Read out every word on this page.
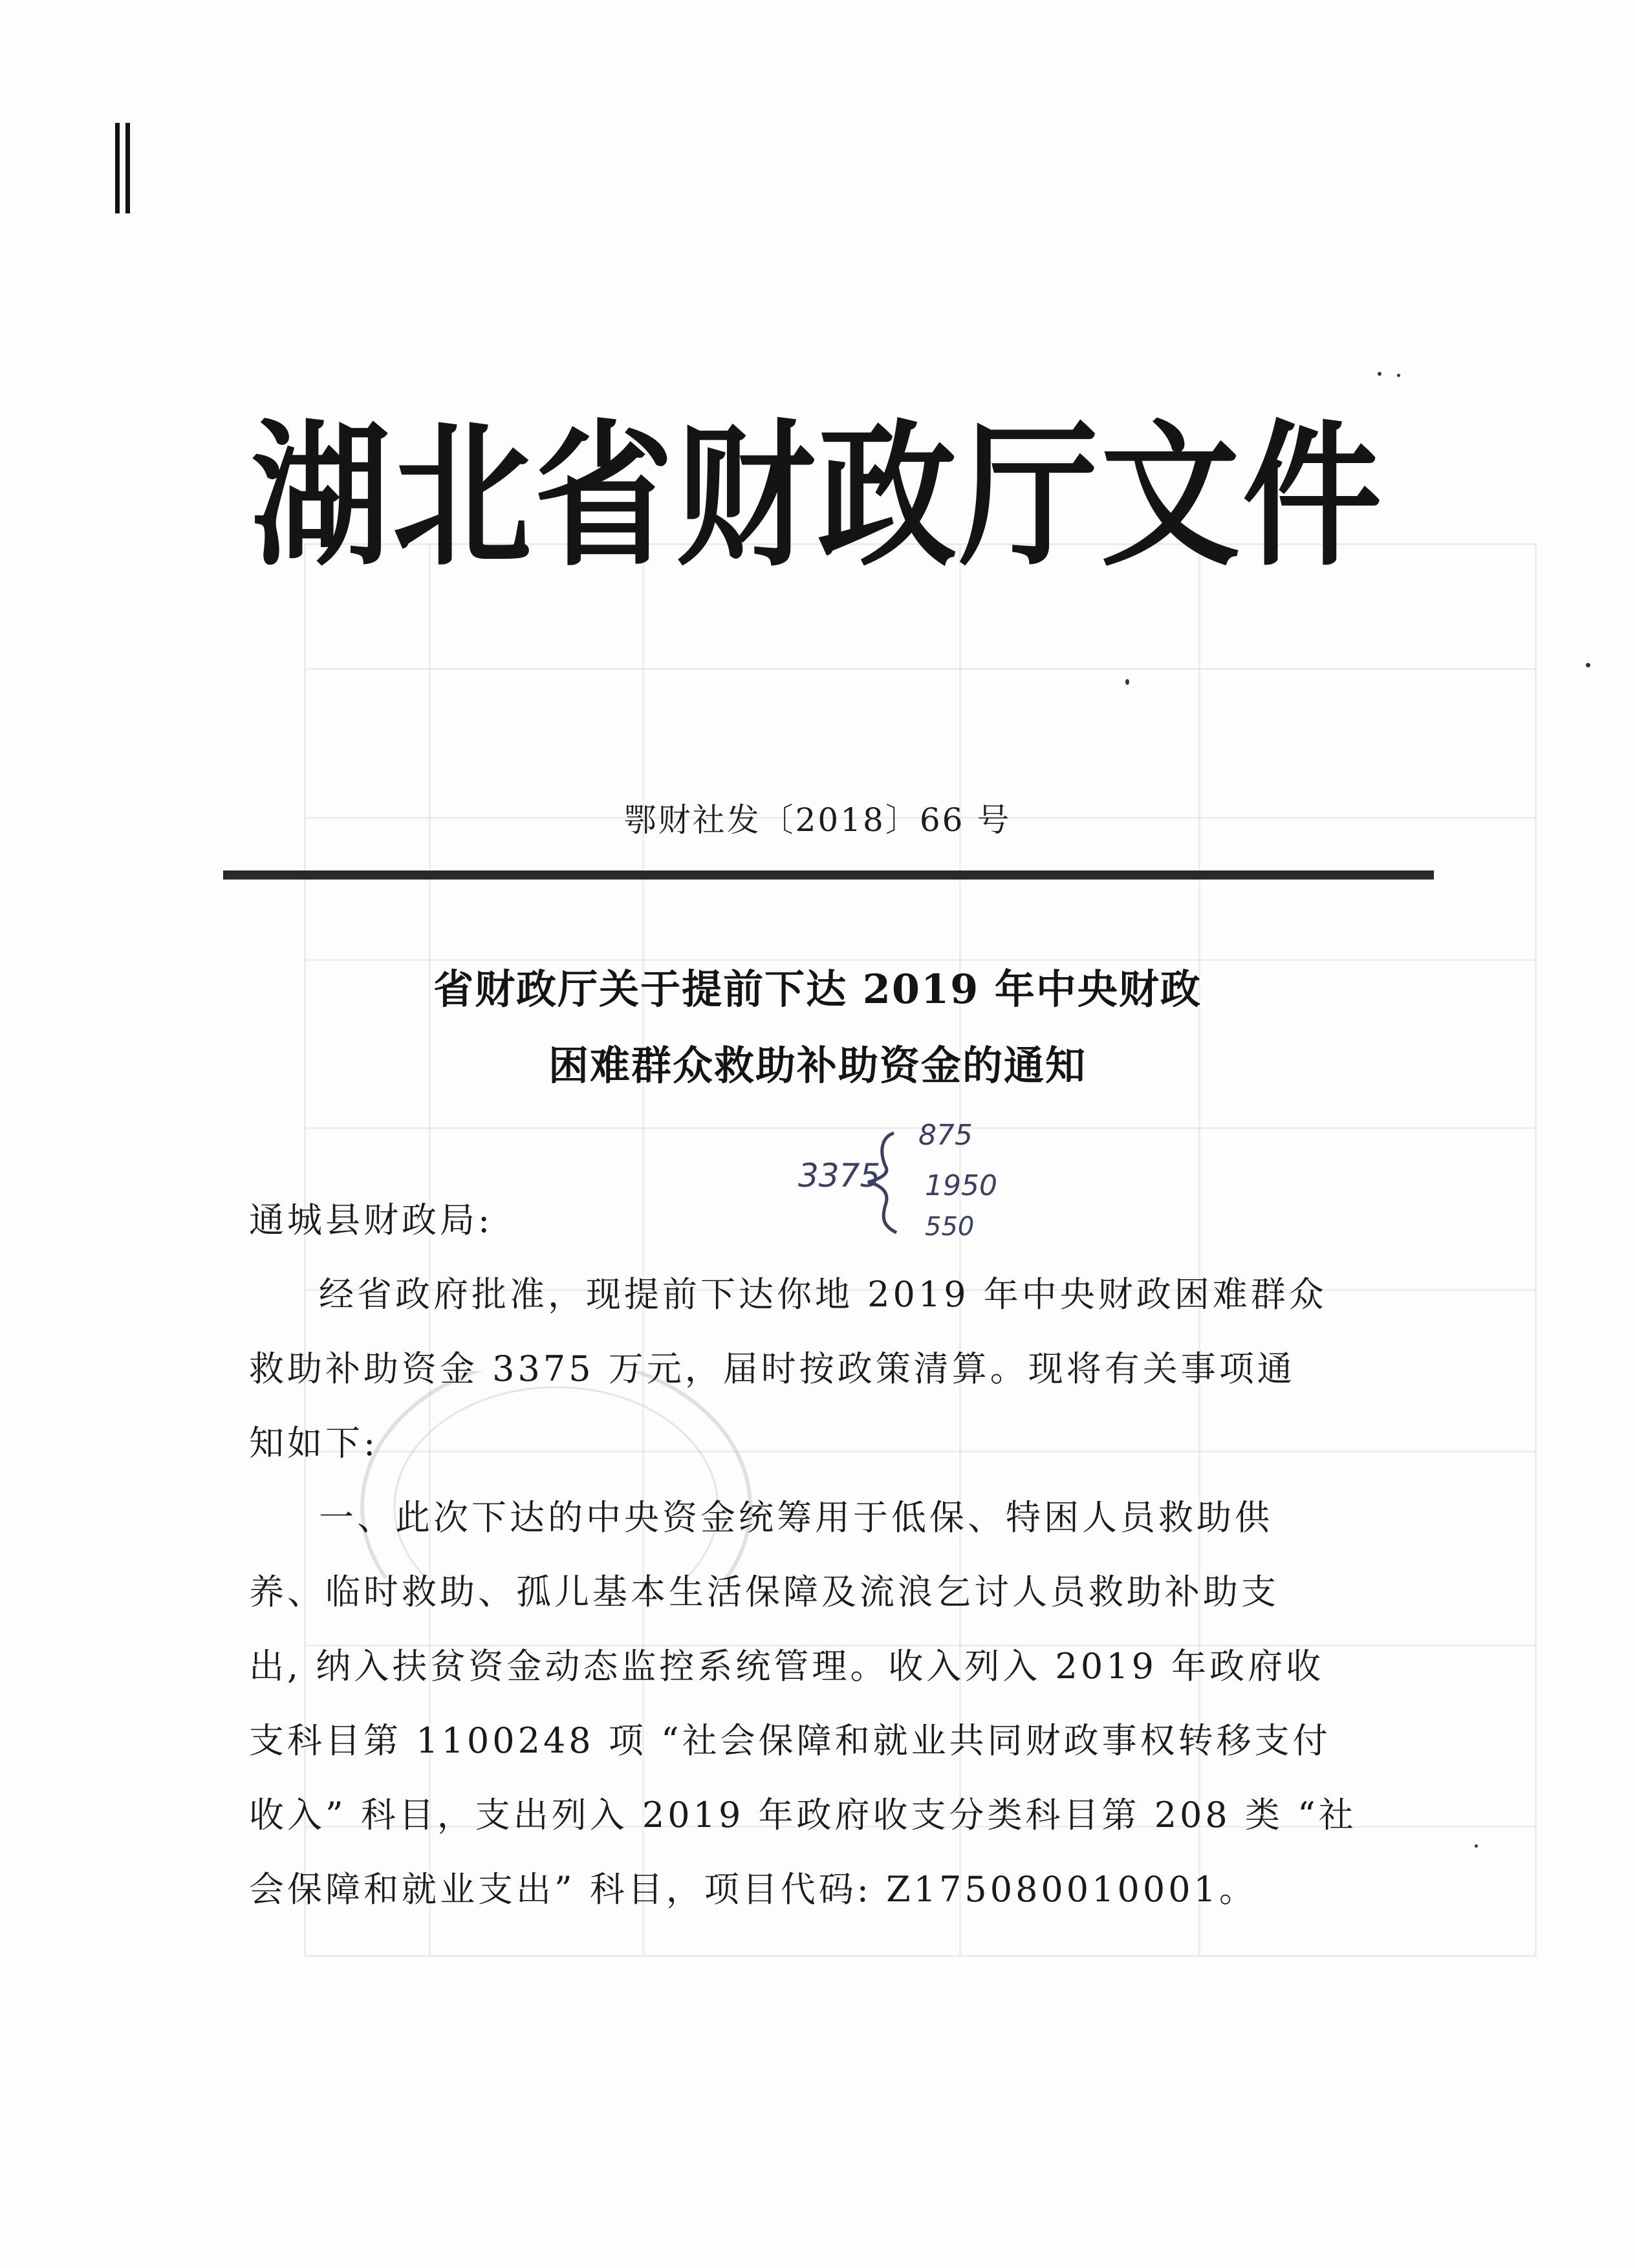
湖北省财政厅文件
鄂财社发〔2018〕66 号
省财政厅关于提前下达 2019 年中央财政
困难群众救助补助资金的通知
3375
875
1950
550
通城县财政局:
经省政府批准，现提前下达你地 2019 年中央财政困难群众
救助补助资金 3375 万元，届时按政策清算。现将有关事项通
知如下:
一、此次下达的中央资金统筹用于低保、特困人员救助供
养、临时救助、孤儿基本生活保障及流浪乞讨人员救助补助支
出, 纳入扶贫资金动态监控系统管理。收入列入 2019 年政府收
支科目第 1100248 项 “社会保障和就业共同财政事权转移支付
收入” 科目，支出列入 2019 年政府收支分类科目第 208 类 “社
会保障和就业支出” 科目，项目代码: Z175080010001。
